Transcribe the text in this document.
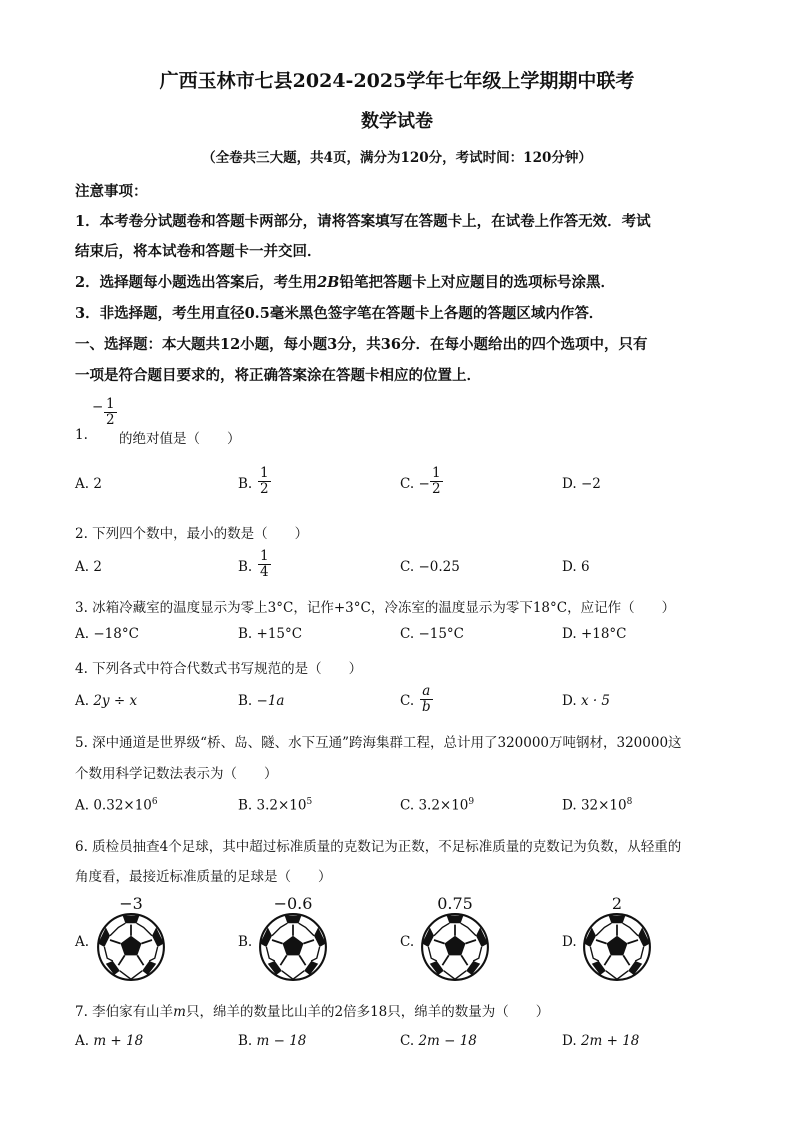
广西玉林市七县2024-2025学年七年级上学期期中联考
数学试卷
（全卷共三大题，共4页，满分为120分，考试时间：120分钟）
注意事项：
1．本考卷分试题卷和答题卡两部分，请将答案填写在答题卡上，在试卷上作答无效．考试
结束后，将本试卷和答题卡一并交回．
2．选择题每小题选出答案后，考生用2B铅笔把答题卡上对应题目的选项标号涂黑．
3．非选择题，考生用直径0.5毫米黑色签字笔在答题卡上各题的答题区域内作答．
一、选择题：本大题共12小题，每小题3分，共36分．在每小题给出的四个选项中，只有
一项是符合题目要求的，将正确答案涂在答题卡相应的位置上．
− $\frac{1}{2}$
1. 的绝对值是（　　）
A. 2	B. $\frac{1}{2}$	C. − $\frac{1}{2}$	D. −2
2. 下列四个数中，最小的数是（　　）
A. 2	B. $\frac{1}{4}$	C. −0.25	D. 6
3. 冰箱冷藏室的温度显示为零上3°C，记作+3°C，冷冻室的温度显示为零下18°C，应记作（　　）
A. −18°C	B. +15°C	C. −15°C	D. +18°C
4. 下列各式中符合代数式书写规范的是（　　）
A. 2y ÷ x	B. −1a	C. $\frac{a}{b}$	D. x · 5
5. 深中通道是世界级“桥、岛、隧、水下互通”跨海集群工程，总计用了320000万吨钢材，320000这
个数用科学记数法表示为（　　）
A. $0.32\times 10^6$	B. $3.2\times 10^5$	C. $3.2\times 10^9$	D. $32\times 10^8$
6. 质检员抽查4个足球，其中超过标准质量的克数记为正数，不足标准质量的克数记为负数，从轻重的
角度看，最接近标准质量的足球是（　　）
−3	−0.6	0.75	2
A.	B.	C.	D.
7. 李伯家有山羊m只，绵羊的数量比山羊的2倍多18只，绵羊的数量为（　　）
A. m + 18	B. m − 18	C. 2m − 18	D. 2m + 18
